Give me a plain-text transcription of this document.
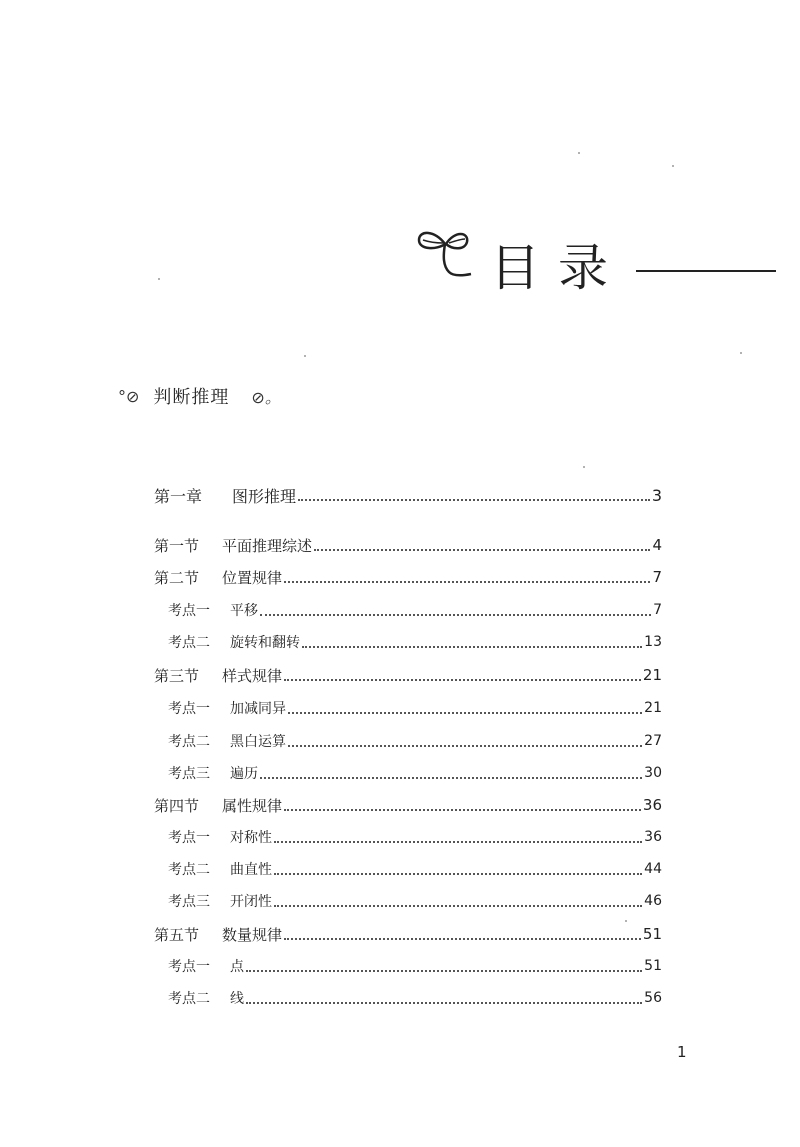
目录
°⊘ 判断推理 ⊘。
第一章	图形推理	3
第一节	平面推理综述	4
第二节	位置规律	7
考点一 平移	7
考点二 旋转和翻转	13
第三节	样式规律	21
考点一 加减同异	21
考点二 黑白运算	27
考点三 遍历	30
第四节	属性规律	36
考点一 对称性	36
考点二 曲直性	44
考点三 开闭性	46
第五节	数量规律	51
考点一 点	51
考点二 线	56
1
